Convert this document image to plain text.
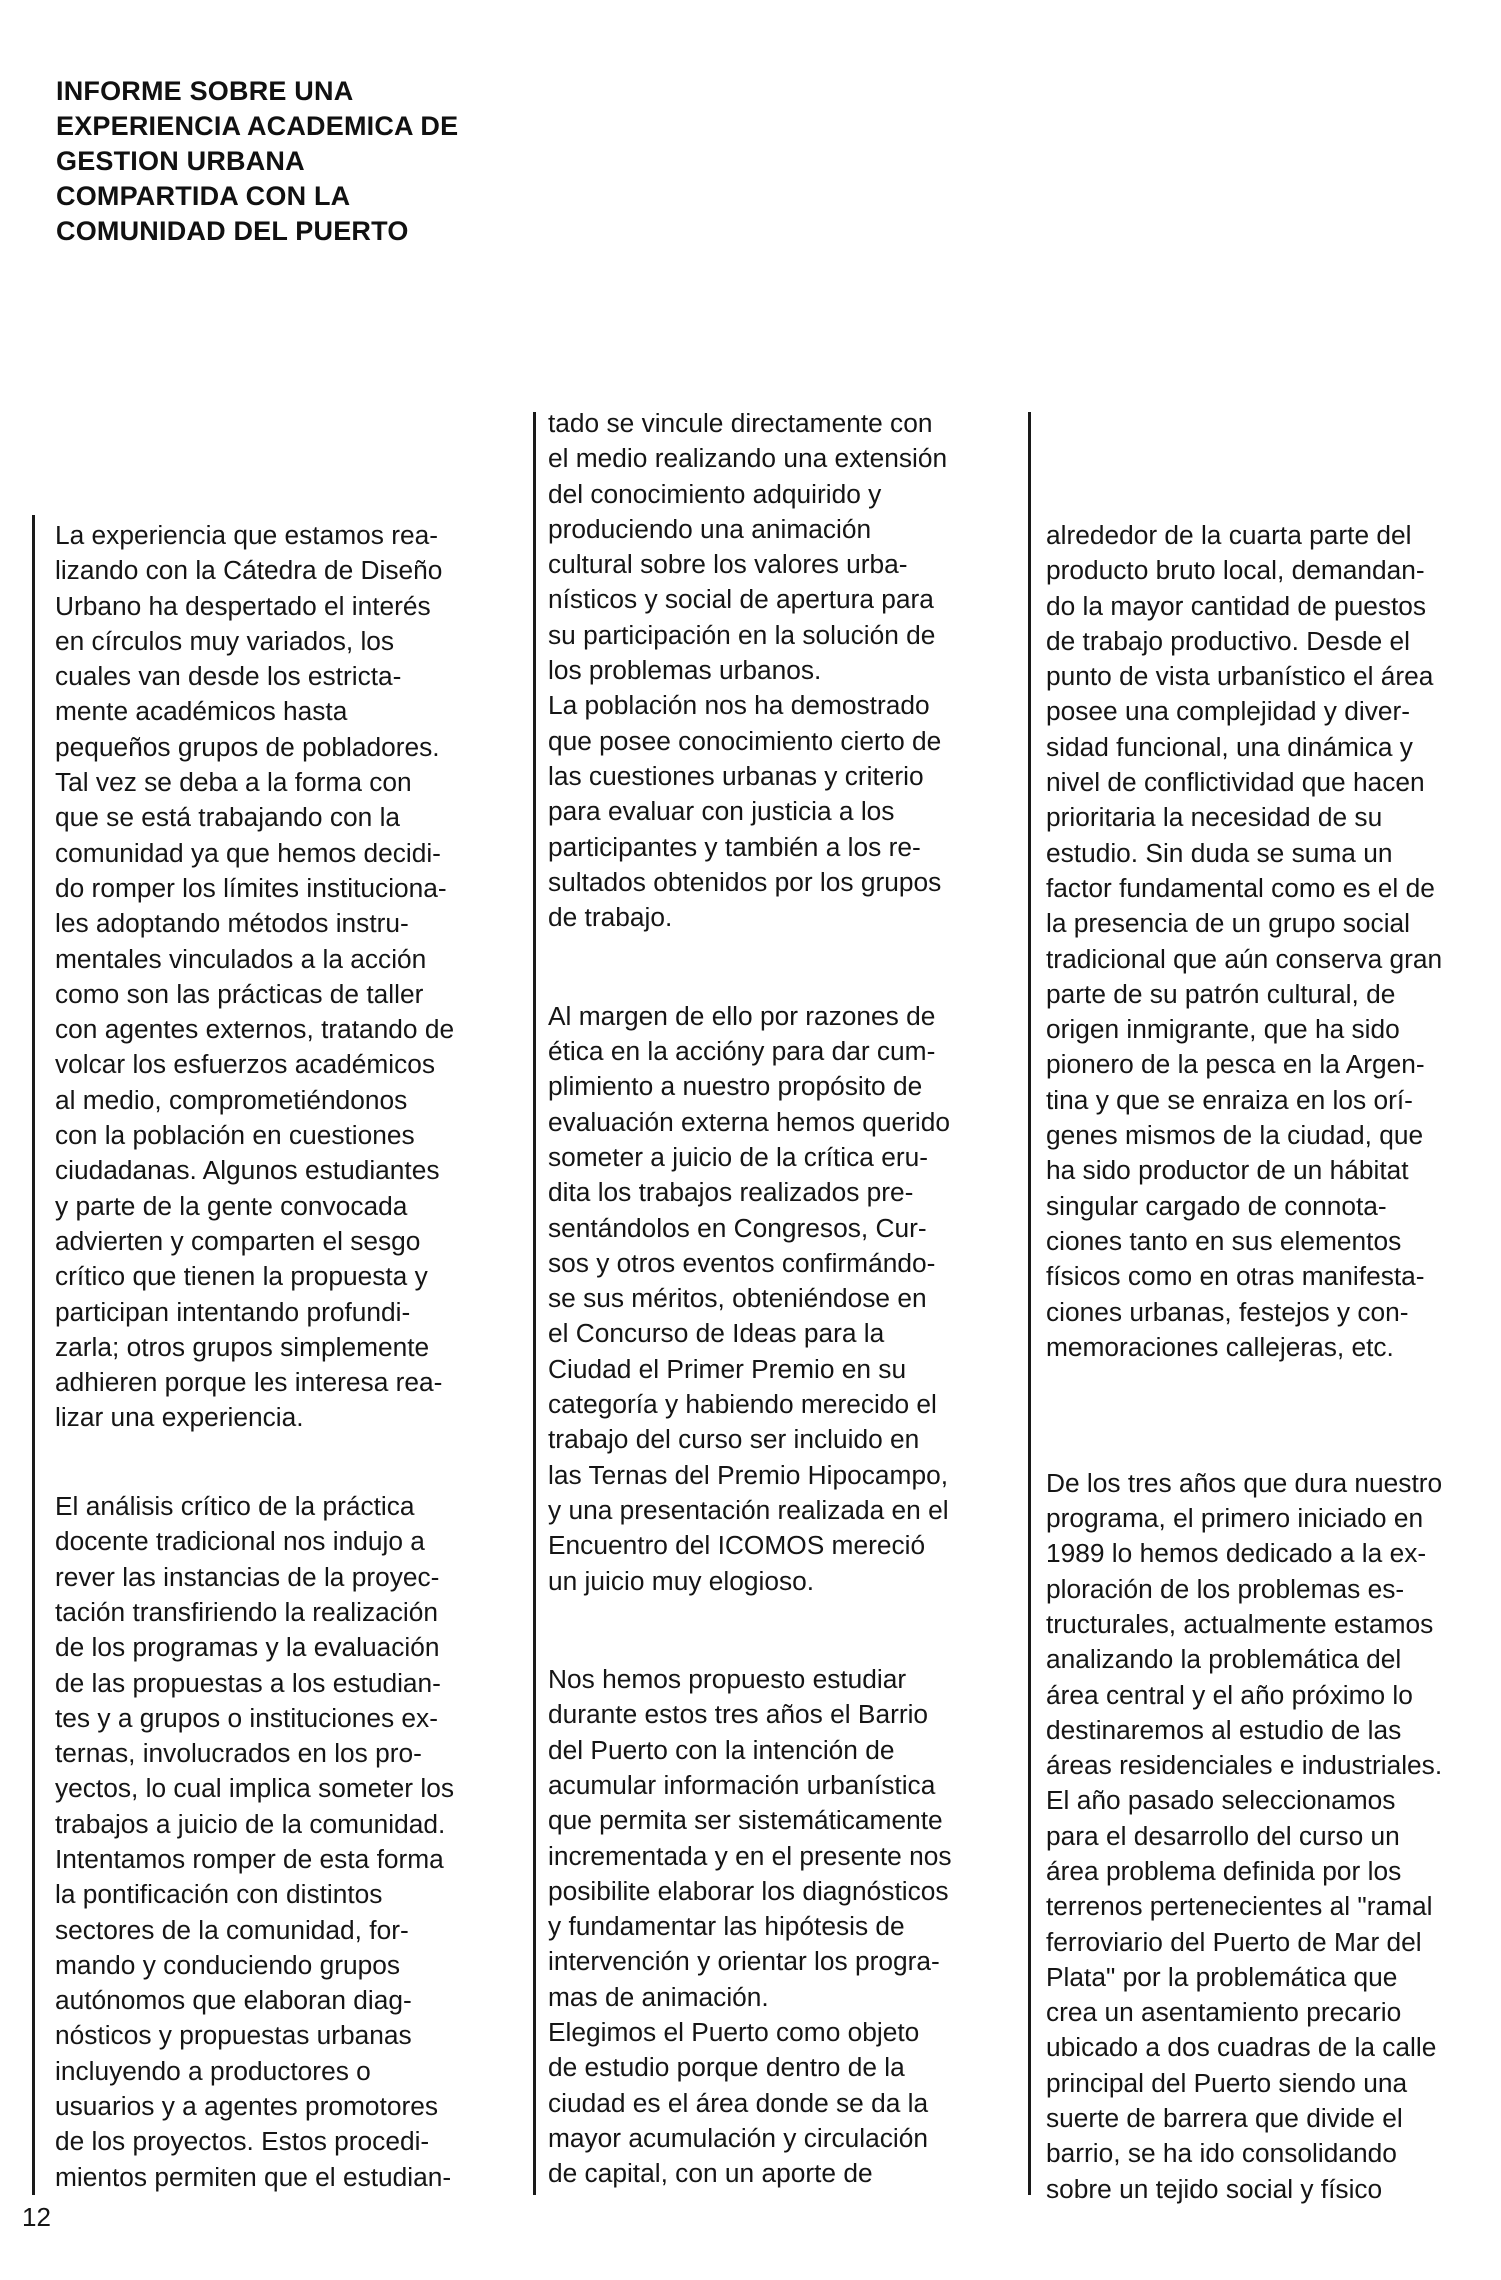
INFORME SOBRE UNA
EXPERIENCIA ACADEMICA DE
GESTION URBANA
COMPARTIDA CON LA
COMUNIDAD DEL PUERTO
La experiencia que estamos rea-
lizando con la Cátedra de Diseño
Urbano ha despertado el interés
en círculos muy variados, los
cuales van desde los estricta-
mente académicos hasta
pequeños grupos de pobladores.
Tal vez se deba a la forma con
que se está trabajando con la
comunidad ya que hemos decidi-
do romper los límites instituciona-
les adoptando métodos instru-
mentales vinculados a la acción
como son las prácticas de taller
con agentes externos, tratando de
volcar los esfuerzos académicos
al medio, comprometiéndonos
con la población en cuestiones
ciudadanas. Algunos estudiantes
y parte de la gente convocada
advierten y comparten el sesgo
crítico que tienen la propuesta y
participan intentando profundi-
zarla; otros grupos simplemente
adhieren porque les interesa rea-
lizar una experiencia.
El análisis crítico de la práctica
docente tradicional nos indujo a
rever las instancias de la proyec-
tación transfiriendo la realización
de los programas y la evaluación
de las propuestas a los estudian-
tes y a grupos o instituciones ex-
ternas, involucrados en los pro-
yectos, lo cual implica someter los
trabajos a juicio de la comunidad.
Intentamos romper de esta forma
la pontificación con distintos
sectores de la comunidad, for-
mando y conduciendo grupos
autónomos que elaboran diag-
nósticos y propuestas urbanas
incluyendo a productores o
usuarios y a agentes promotores
de los proyectos. Estos procedi-
mientos permiten que el estudian-
tado se vincule directamente con
el medio realizando una extensión
del conocimiento adquirido y
produciendo una animación
cultural sobre los valores urba-
nísticos y social de apertura para
su participación en la solución de
los problemas urbanos.
La población nos ha demostrado
que posee conocimiento cierto de
las cuestiones urbanas y criterio
para evaluar con justicia a los
participantes y también a los re-
sultados obtenidos por los grupos
de trabajo.
Al margen de ello por razones de
ética en la accióny para dar cum-
plimiento a nuestro propósito de
evaluación externa hemos querido
someter a juicio de la crítica eru-
dita los trabajos realizados pre-
sentándolos en Congresos, Cur-
sos y otros eventos confirmándo-
se sus méritos, obteniéndose en
el Concurso de Ideas para la
Ciudad el Primer Premio en su
categoría y habiendo merecido el
trabajo del curso ser incluido en
las Ternas del Premio Hipocampo,
y una presentación realizada en el
Encuentro del ICOMOS mereció
un juicio muy elogioso.
Nos hemos propuesto estudiar
durante estos tres años el Barrio
del Puerto con la intención de
acumular información urbanística
que permita ser sistemáticamente
incrementada y en el presente nos
posibilite elaborar los diagnósticos
y fundamentar las hipótesis de
intervención y orientar los progra-
mas de animación.
Elegimos el Puerto como objeto
de estudio porque dentro de la
ciudad es el área donde se da la
mayor acumulación y circulación
de capital, con un aporte de
alrededor de la cuarta parte del
producto bruto local, demandan-
do la mayor cantidad de puestos
de trabajo productivo. Desde el
punto de vista urbanístico el área
posee una complejidad y diver-
sidad funcional, una dinámica y
nivel de conflictividad que hacen
prioritaria la necesidad de su
estudio. Sin duda se suma un
factor fundamental como es el de
la presencia de un grupo social
tradicional que aún conserva gran
parte de su patrón cultural, de
origen inmigrante, que ha sido
pionero de la pesca en la Argen-
tina y que se enraiza en los orí-
genes mismos de la ciudad, que
ha sido productor de un hábitat
singular cargado de connota-
ciones tanto en sus elementos
físicos como en otras manifesta-
ciones urbanas, festejos y con-
memoraciones callejeras, etc.
De los tres años que dura nuestro
programa, el primero iniciado en
1989 lo hemos dedicado a la ex-
ploración de los problemas es-
tructurales, actualmente estamos
analizando la problemática del
área central y el año próximo lo
destinaremos al estudio de las
áreas residenciales e industriales.
El año pasado seleccionamos
para el desarrollo del curso un
área problema definida por los
terrenos pertenecientes al "ramal
ferroviario del Puerto de Mar del
Plata" por la problemática que
crea un asentamiento precario
ubicado a dos cuadras de la calle
principal del Puerto siendo una
suerte de barrera que divide el
barrio, se ha ido consolidando
sobre un tejido social y físico
12
